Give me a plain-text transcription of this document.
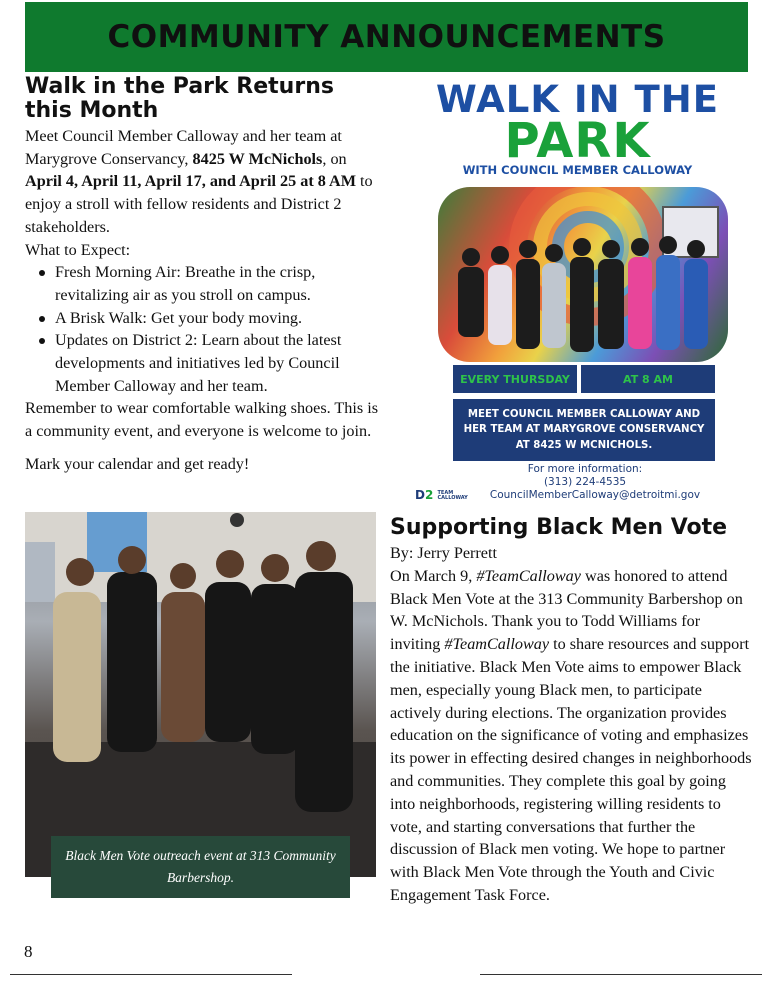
COMMUNITY ANNOUNCEMENTS
Walk in the Park Returns this Month

Meet Council Member Calloway and her team at Marygrove Conservancy, 8425 W McNichols, on April 4, April 11, April 17, and April 25 at 8 AM to enjoy a stroll with fellow residents and District 2 stakeholders.

What to Expect:

Fresh Morning Air: Breathe in the crisp, revitalizing air as you stroll on campus.
A Brisk Walk: Get your body moving.
Updates on District 2: Learn about the latest developments and initiatives led by Council Member Calloway and her team.

Remember to wear comfortable walking shoes. This is a community event, and everyone is welcome to join.

Mark your calendar and get ready!

WALK IN THE
PARK
WITH COUNCIL MEMBER CALLOWAY
EVERY THURSDAY	AT 8 AM
MEET COUNCIL MEMBER CALLOWAY AND HER TEAM AT MARYGROVE CONSERVANCY AT 8425 W MCNICHOLS.
For more information:
(313) 224-4535
CouncilMemberCalloway@detroitmi.gov
D2 TEAM CALLOWAY
Black Men Vote outreach event at 313 Community Barbershop.
Supporting Black Men Vote

By: Jerry Perrett

On March 9, #TeamCalloway was honored to attend Black Men Vote at the 313 Community Barbershop on W. McNichols. Thank you to Todd Williams for inviting #TeamCalloway to share resources and support the initiative. Black Men Vote aims to empower Black men, especially young Black men, to participate actively during elections. The organization provides education on the significance of voting and emphasizes its power in effecting desired changes in neighborhoods and communities. They complete this goal by going into neighborhoods, registering willing residents to vote, and starting conversations that further the discussion of Black men voting. We hope to partner with Black Men Vote through the Youth and Civic Engagement Task Force.

8
